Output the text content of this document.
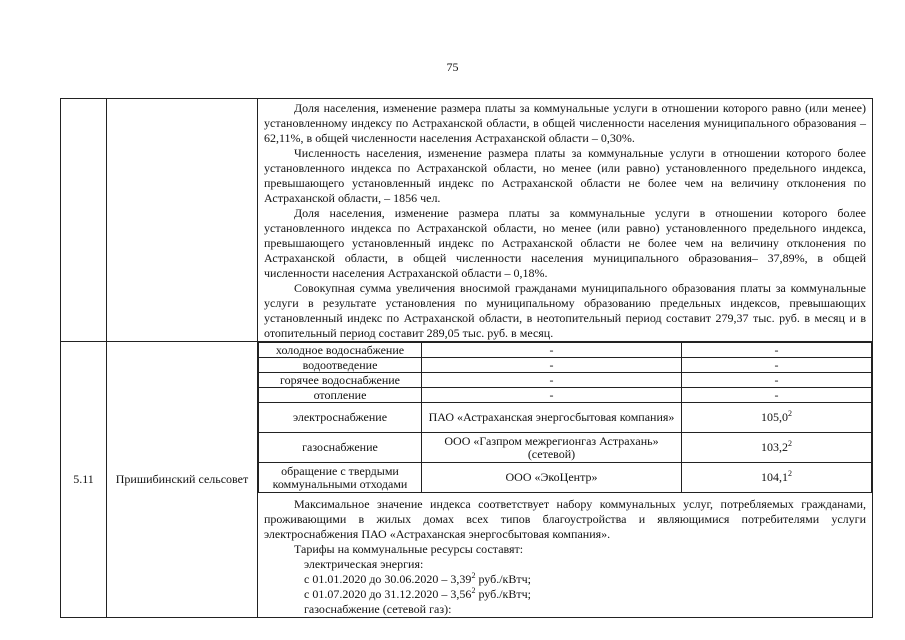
75

Доля населения, изменение размера платы за коммунальные услуги в отношении которого равно (или менее) установленному индексу по Астраханской области, в общей численности населения муниципального образования – 62,11%, в общей численности населения Астраханской области – 0,30%.

Численность населения, изменение размера платы за коммунальные услуги в отношении которого более установленного индекса по Астраханской области, но менее (или равно) установленного предельного индекса, превышающего установленный индекс по Астраханской области не более чем на величину отклонения по Астраханской области, – 1856 чел.

Доля населения, изменение размера платы за коммунальные услуги в отношении которого более установленного индекса по Астраханской области, но менее (или равно) установленного предельного индекса, превышающего установленный индекс по Астраханской области не более чем на величину отклонения по Астраханской области, в общей численности населения муниципального образования– 37,89%, в общей численности населения Астраханской области – 0,18%.

Совокупная сумма увеличения вносимой гражданами муниципального образования платы за коммунальные услуги в результате установления по муниципальному образованию предельных индексов, превышающих установленный индекс по Астраханской области, в неотопительный период составит 279,37 тыс. руб. в месяц и в отопительный период составит 289,05 тыс. руб. в месяц.

5.11	Пришибинский сельсовет	
холодное водоснабжение	-	-
водоотведение	-	-
горячее водоснабжение	-	-
отопление	-	-
электроснабжение	ПАО «Астраханская энергосбытовая компания»	105,0$^2$
газоснабжение	ООО «Газпром межрегионгаз Астрахань» (сетевой)	103,2$^2$
обращение с твердыми коммунальными отходами	ООО «ЭкоЦентр»	104,1$^2$

Максимальное значение индекса соответствует набору коммунальных услуг, потребляемых гражданами, проживающими в жилых домах всех типов благоустройства и являющимися потребителями услуги электроснабжения ПАО «Астраханская энергосбытовая компания».

Тарифы на коммунальные ресурсы составят:

электрическая энергия:

с 01.01.2020 до 30.06.2020 – 3,39$^2$ руб./кВтч;

с 01.07.2020 до 31.12.2020 – 3,56$^2$ руб./кВтч;

газоснабжение (сетевой газ):
